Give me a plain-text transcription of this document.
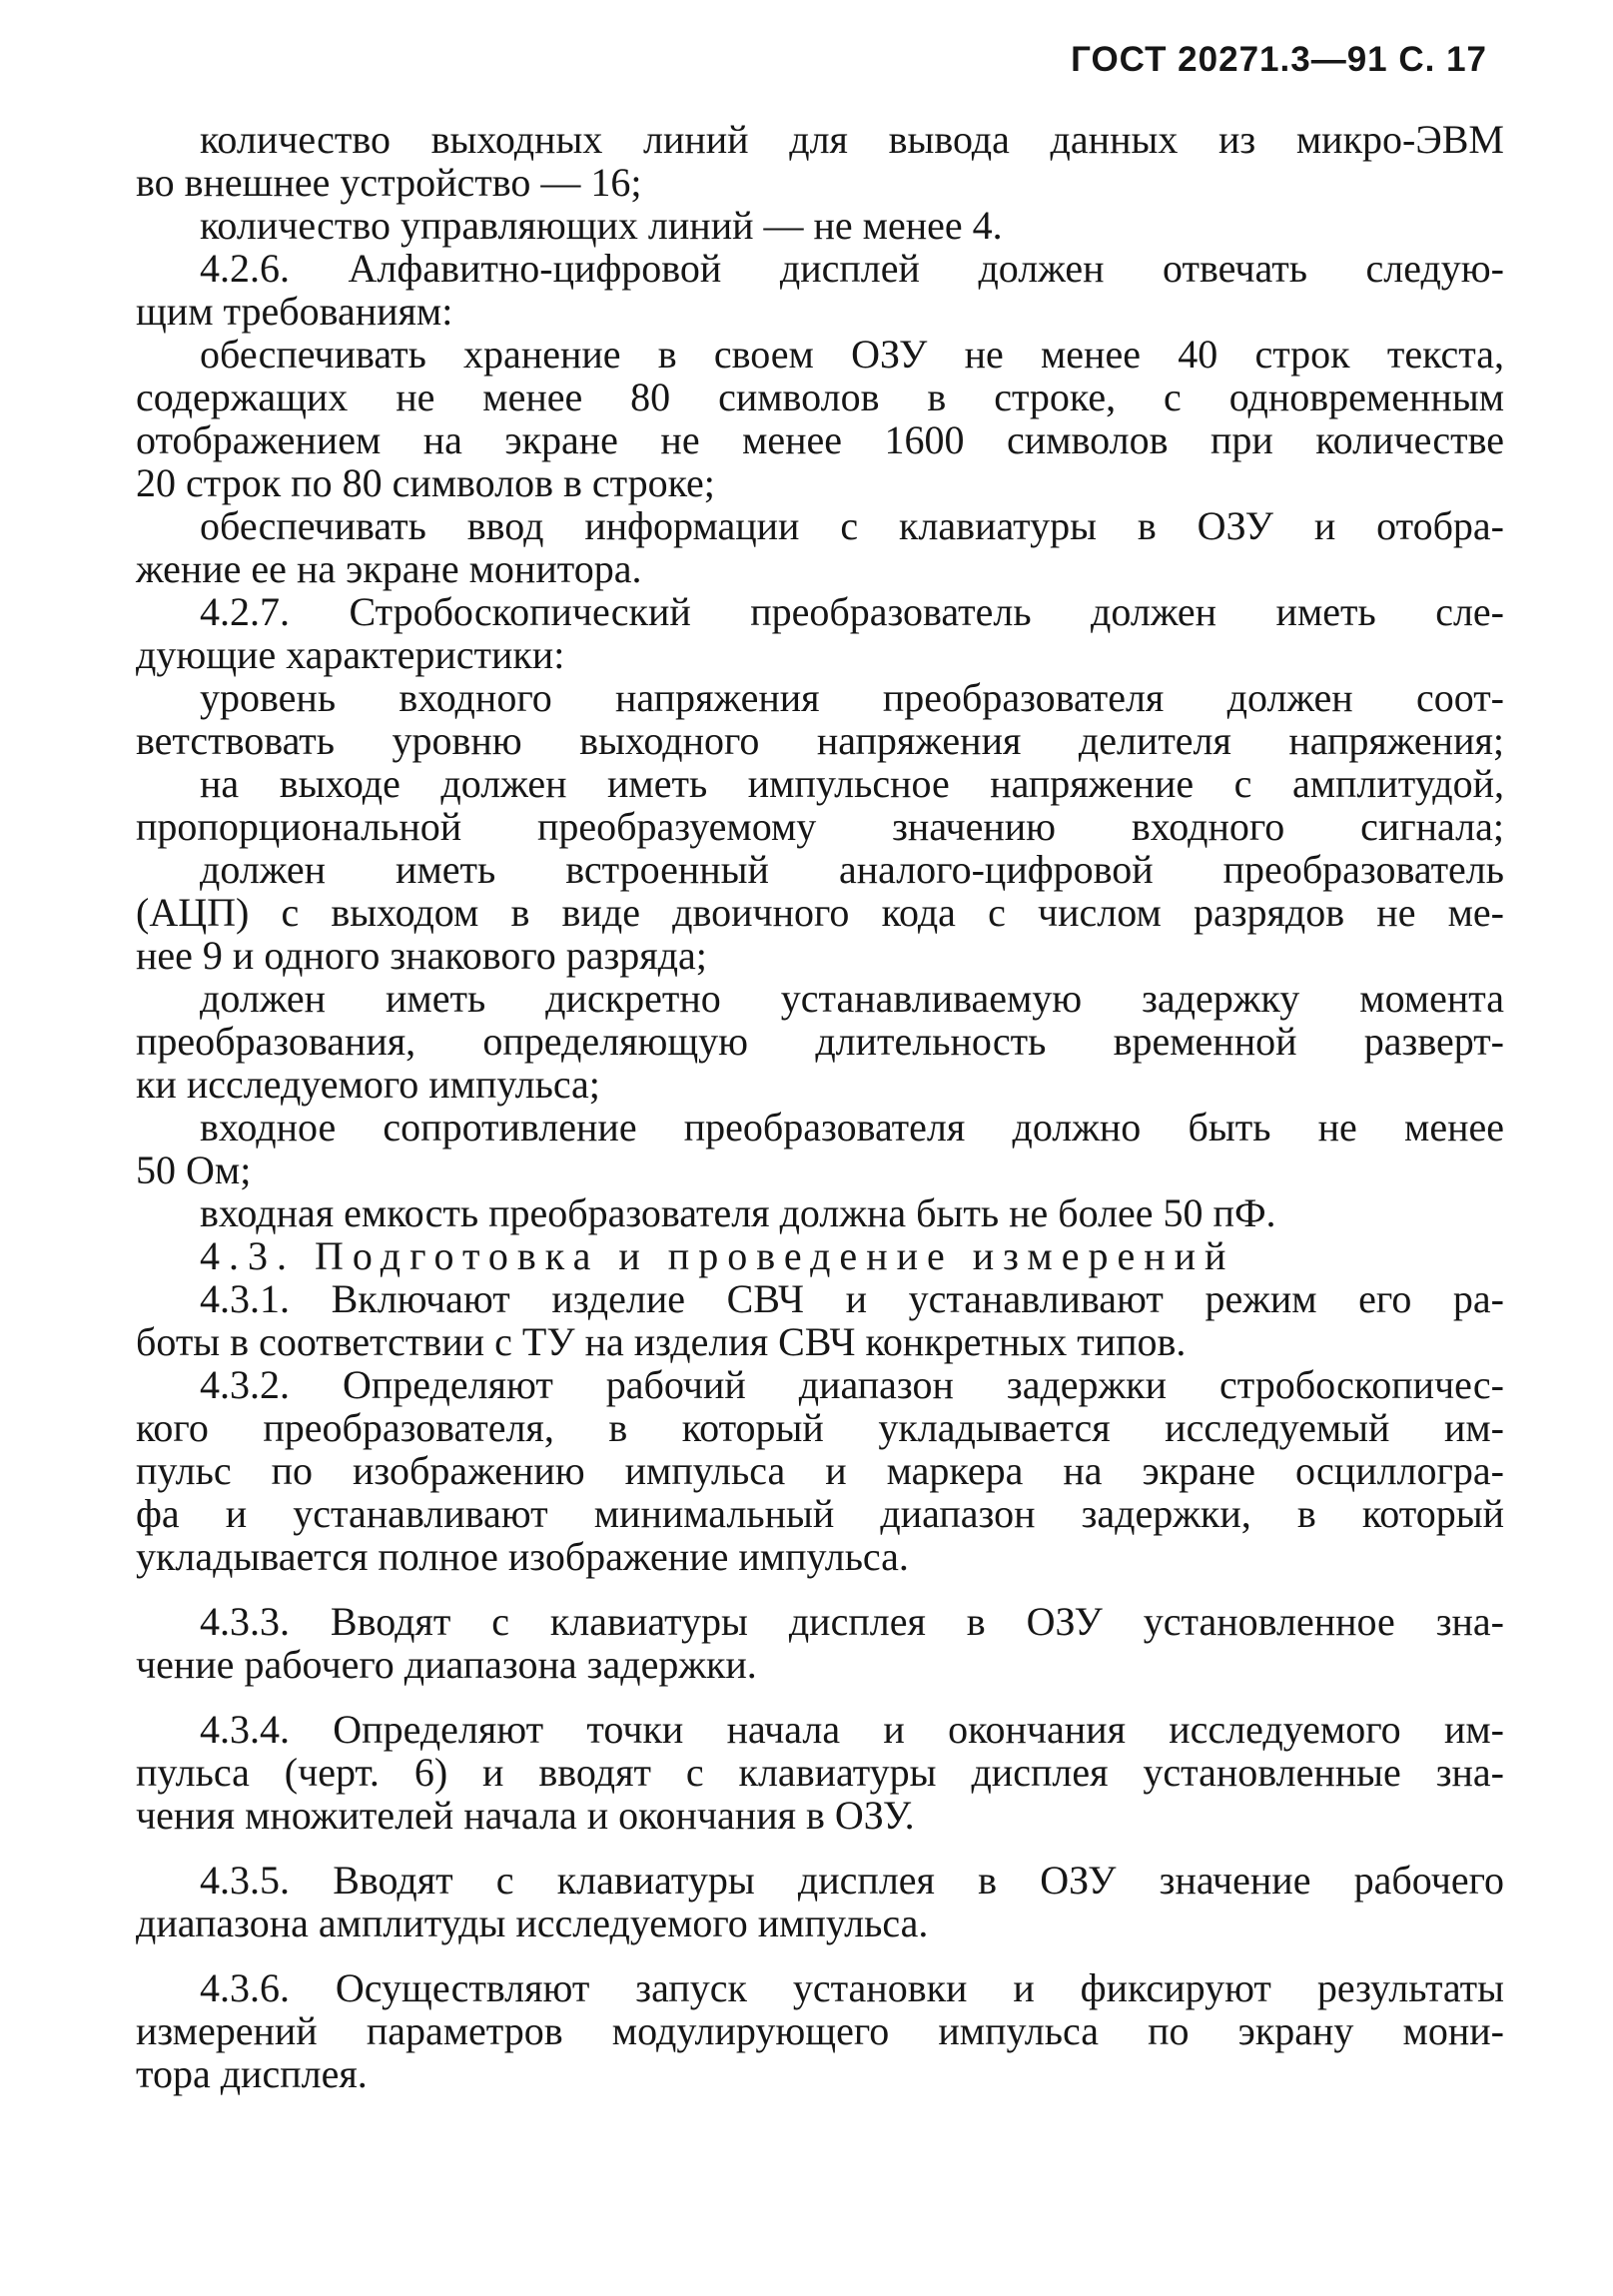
ГОСТ 20271.3—91 С. 17
количество выходных линий для вывода данных из микро-ЭВМ
во внешнее устройство — 16;
количество управляющих линий — не менее 4.
4.2.6. Алфавитно-цифровой дисплей должен отвечать следую-
щим требованиям:
обеспечивать хранение в своем ОЗУ не менее 40 строк текста,
содержащих не менее 80 символов в строке, с одновременным
отображением на экране не менее 1600 символов при количестве
20 строк по 80 символов в строке;
обеспечивать ввод информации с клавиатуры в ОЗУ и отобра-
жение ее на экране монитора.
4.2.7. Стробоскопический преобразователь должен иметь сле-
дующие характеристики:
уровень входного напряжения преобразователя должен соот-
ветствовать уровню выходного напряжения делителя напряжения;
на выходе должен иметь импульсное напряжение с амплитудой,
пропорциональной преобразуемому значению входного сигнала;
должен иметь встроенный аналого-цифровой преобразователь
(АЦП) с выходом в виде двоичного кода с числом разрядов не ме-
нее 9 и одного знакового разряда;
должен иметь дискретно устанавливаемую задержку момента
преобразования, определяющую длительность временной разверт-
ки исследуемого импульса;
входное сопротивление преобразователя должно быть не менее
50 Ом;
входная емкость преобразователя должна быть не более 50 пФ.
4.3. Подготовка и проведение измерений
4.3.1. Включают изделие СВЧ и устанавливают режим его ра-
боты в соответствии с ТУ на изделия СВЧ конкретных типов.
4.3.2. Определяют рабочий диапазон задержки стробоскопичес-
кого преобразователя, в который укладывается исследуемый им-
пульс по изображению импульса и маркера на экране осциллогра-
фа и устанавливают минимальный диапазон задержки, в который
укладывается полное изображение импульса.
4.3.3. Вводят с клавиатуры дисплея в ОЗУ установленное зна-
чение рабочего диапазона задержки.
4.3.4. Определяют точки начала и окончания исследуемого им-
пульса (черт. 6) и вводят с клавиатуры дисплея установленные зна-
чения множителей начала и окончания в ОЗУ.
4.3.5. Вводят с клавиатуры дисплея в ОЗУ значение рабочего
диапазона амплитуды исследуемого импульса.
4.3.6. Осуществляют запуск установки и фиксируют результаты
измерений параметров модулирующего импульса по экрану мони-
тора дисплея.
